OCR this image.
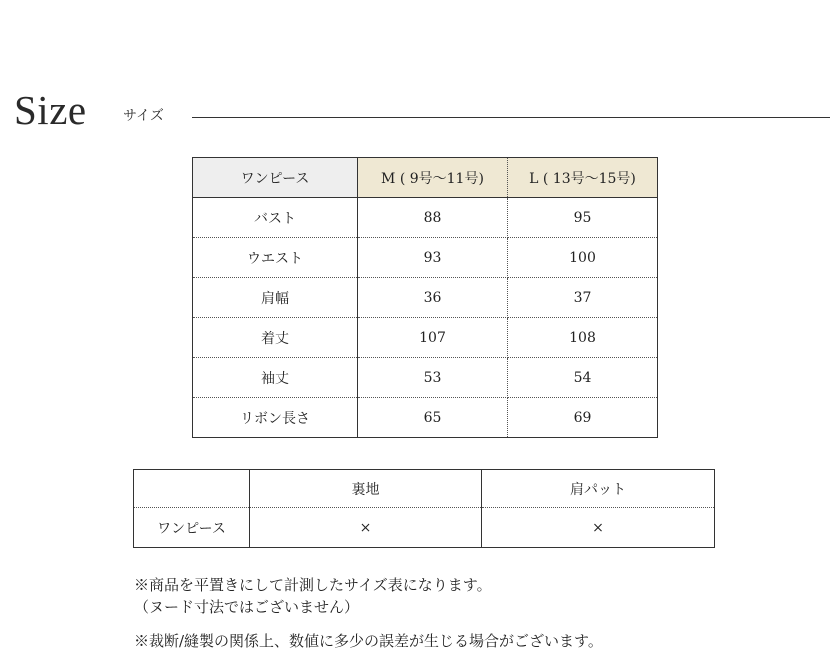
Size	サイズ
ワンピース	M ( 9号～11号)	L ( 13号～15号)
バスト	88	95
ウエスト	93	100
肩幅	36	37
着丈	107	108
袖丈	53	54
リボン長さ	65	69
	裏地	肩パット
ワンピース	×	×
※商品を平置きにして計測したサイズ表になります。
（ヌード寸法ではございません）
※裁断/縫製の関係上、数値に多少の誤差が生じる場合がございます。
